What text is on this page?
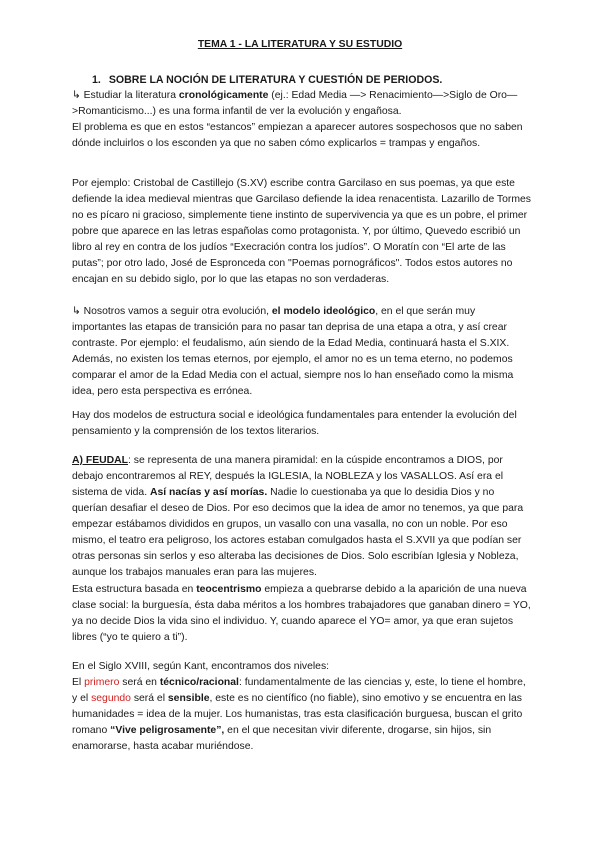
TEMA 1 - LA LITERATURA Y SU ESTUDIO
1. SOBRE LA NOCIÓN DE LITERATURA Y CUESTIÓN DE PERIODOS.

↳ Estudiar la literatura cronológicamente (ej.: Edad Media —> Renacimiento—>Siglo de Oro—>Romanticismo...) es una forma infantil de ver la evolución y engañosa.

El problema es que en estos “estancos” empiezan a aparecer autores sospechosos que no saben dónde incluirlos o los esconden ya que no saben cómo explicarlos = trampas y engaños.

Por ejemplo: Cristobal de Castillejo (S.XV) escribe contra Garcilaso en sus poemas, ya que este defiende la idea medieval mientras que Garcilaso defiende la idea renacentista. Lazarillo de Tormes no es pícaro ni gracioso, simplemente tiene instinto de supervivencia ya que es un pobre, el primer pobre que aparece en las letras españolas como protagonista. Y, por último, Quevedo escribió un libro al rey en contra de los judíos “Execración contra los judíos”. O Moratín con “El arte de las putas”; por otro lado, José de Espronceda con "Poemas pornográficos". Todos estos autores no encajan en su debido siglo, por lo que las etapas no son verdaderas.

↳ Nosotros vamos a seguir otra evolución, el modelo ideológico, en el que serán muy importantes las etapas de transición para no pasar tan deprisa de una etapa a otra, y así crear contraste. Por ejemplo: el feudalismo, aún siendo de la Edad Media, continuará hasta el S.XIX. Además, no existen los temas eternos, por ejemplo, el amor no es un tema eterno, no podemos comparar el amor de la Edad Media con el actual, siempre nos lo han enseñado como la misma idea, pero esta perspectiva es errónea.

Hay dos modelos de estructura social e ideológica fundamentales para entender la evolución del pensamiento y la comprensión de los textos literarios.

A) FEUDAL: se representa de una manera piramidal: en la cúspide encontramos a DIOS, por debajo encontraremos al REY, después la IGLESIA, la NOBLEZA y los VASALLOS. Así era el sistema de vida. Así nacías y así morías. Nadie lo cuestionaba ya que lo desidia Dios y no querían desafiar el deseo de Dios. Por eso decimos que la idea de amor no tenemos, ya que para empezar estábamos divididos en grupos, un vasallo con una vasalla, no con un noble. Por eso mismo, el teatro era peligroso, los actores estaban comulgados hasta el S.XVII ya que podían ser otras personas sin serlos y eso alteraba las decisiones de Dios. Solo escribían Iglesia y Nobleza, aunque los trabajos manuales eran para las mujeres.

Esta estructura basada en teocentrismo empieza a quebrarse debido a la aparición de una nueva clase social: la burguesía, ésta daba méritos a los hombres trabajadores que ganaban dinero = YO, ya no decide Dios la vida sino el individuo. Y, cuando aparece el YO= amor, ya que eran sujetos libres (“yo te quiero a ti”).

En el Siglo XVIII, según Kant, encontramos dos niveles:

El primero será en técnico/racional: fundamentalmente de las ciencias y, este, lo tiene el hombre, y el segundo será el sensible, este es no científico (no fiable), sino emotivo y se encuentra en las humanidades = idea de la mujer. Los humanistas, tras esta clasificación burguesa, buscan el grito romano “Vive peligrosamente”, en el que necesitan vivir diferente, drogarse, sin hijos, sin enamorarse, hasta acabar muriéndose.
